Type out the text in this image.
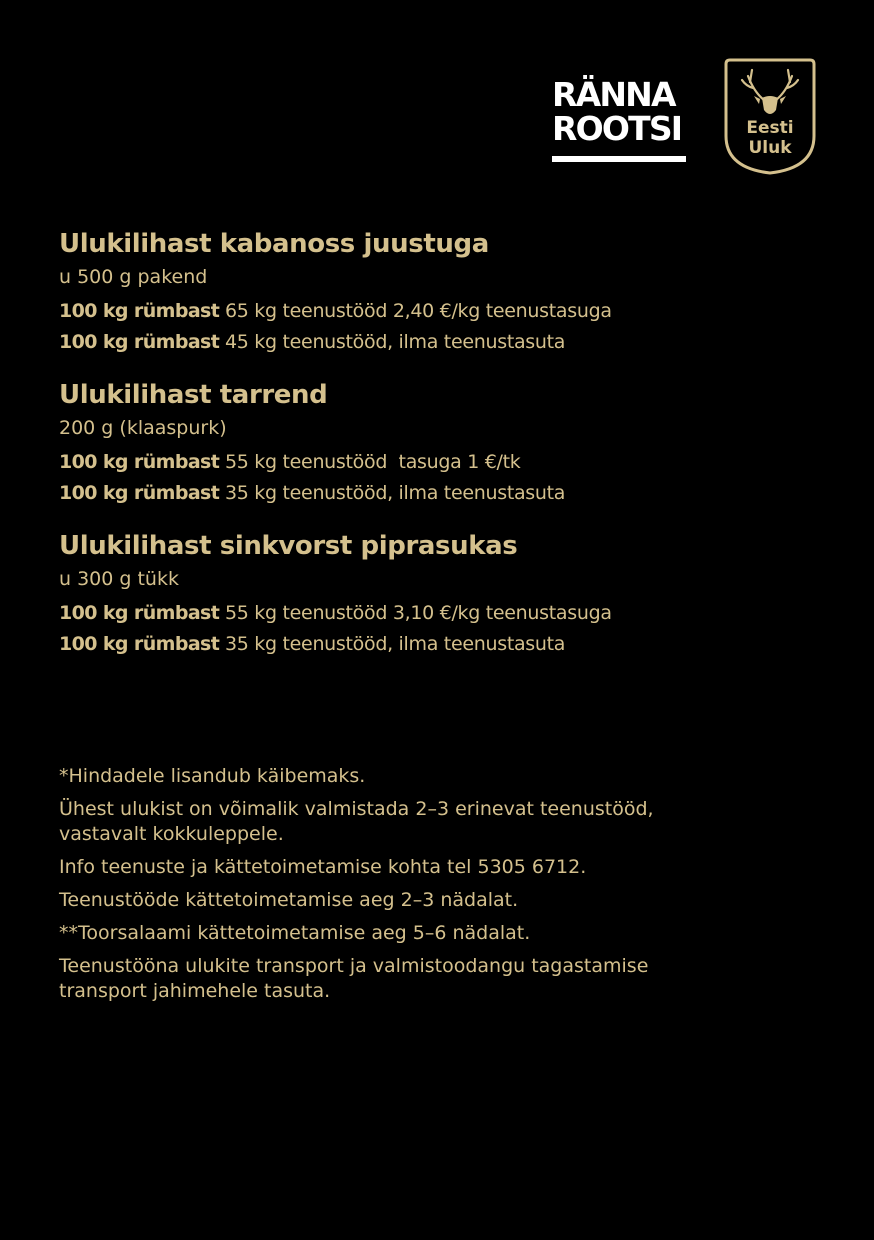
RÄNNA
ROOTSI	Eesti
Uluk
Ulukilihast kabanoss juustuga
u 500 g pakend
100 kg rümbast 65 kg teenustööd 2,40 €/kg teenustasuga
100 kg rümbast 45 kg teenustööd, ilma teenustasuta
Ulukilihast tarrend
200 g (klaaspurk)
100 kg rümbast 55 kg teenustööd  tasuga 1 €/tk
100 kg rümbast 35 kg teenustööd, ilma teenustasuta
Ulukilihast sinkvorst piprasukas
u 300 g tükk
100 kg rümbast 55 kg teenustööd 3,10 €/kg teenustasuga
100 kg rümbast 35 kg teenustööd, ilma teenustasuta

*Hindadele lisandub käibemaks.

Ühest ulukist on võimalik valmistada 2–3 erinevat teenustööd, vastavalt kokkuleppele.

Info teenuste ja kättetoimetamise kohta tel 5305 6712.

Teenustööde kättetoimetamise aeg 2–3 nädalat.

**Toorsalaami kättetoimetamise aeg 5–6 nädalat.

Teenustööna ulukite transport ja valmistoodangu tagastamise transport jahimehele tasuta.
